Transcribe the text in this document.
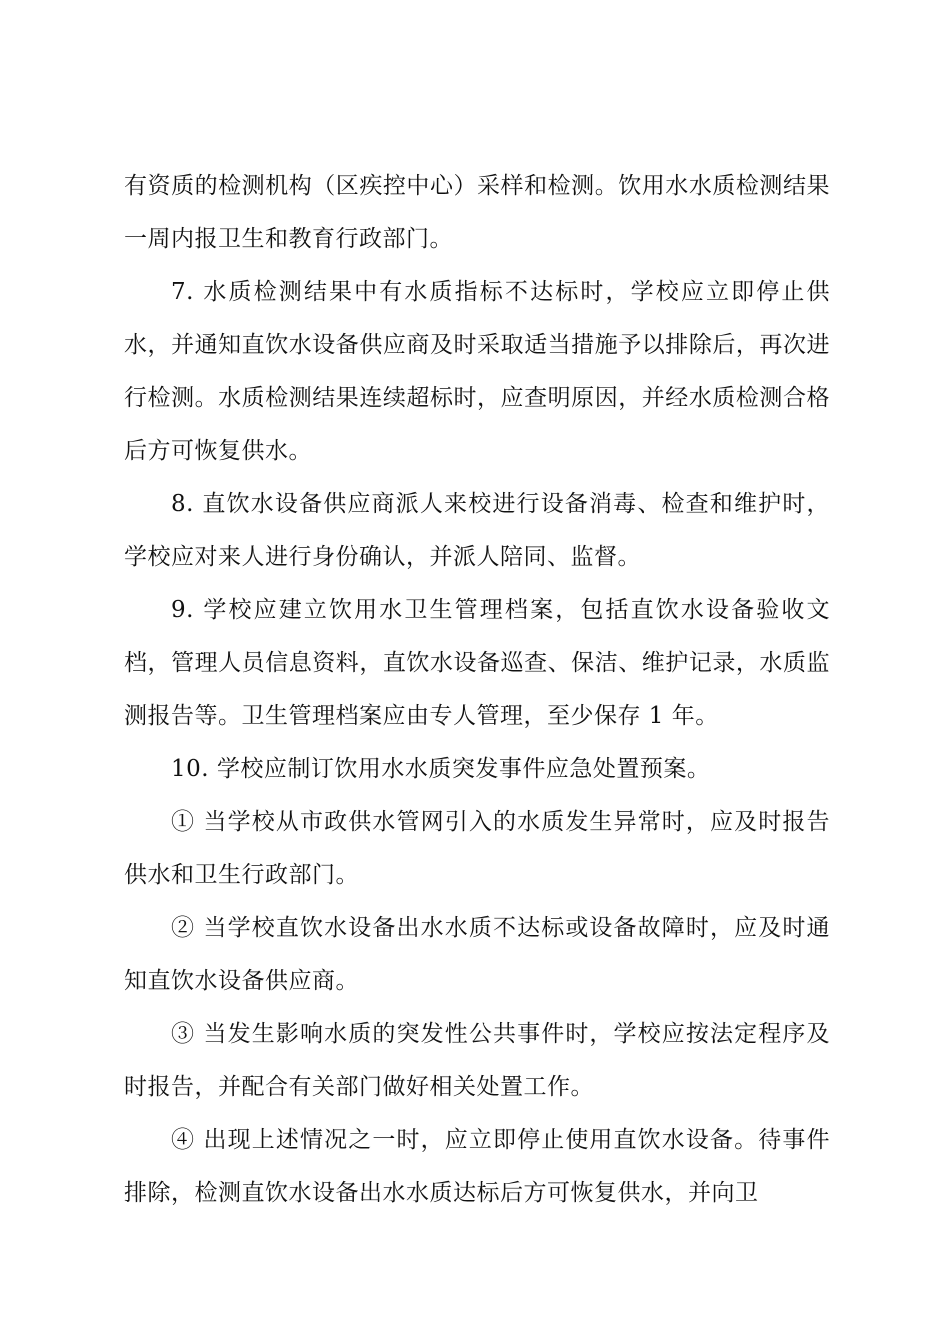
有资质的检测机构（区疾控中心）采样和检测。饮用水水质检测结果一周内报卫生和教育行政部门。

7. 水质检测结果中有水质指标不达标时，学校应立即停止供水，并通知直饮水设备供应商及时采取适当措施予以排除后，再次进行检测。水质检测结果连续超标时，应查明原因，并经水质检测合格后方可恢复供水。

8. 直饮水设备供应商派人来校进行设备消毒、检查和维护时，学校应对来人进行身份确认，并派人陪同、监督。

9. 学校应建立饮用水卫生管理档案，包括直饮水设备验收文档，管理人员信息资料，直饮水设备巡查、保洁、维护记录，水质监测报告等。卫生管理档案应由专人管理，至少保存 1 年。

10. 学校应制订饮用水水质突发事件应急处置预案。

① 当学校从市政供水管网引入的水质发生异常时，应及时报告供水和卫生行政部门。

② 当学校直饮水设备出水水质不达标或设备故障时，应及时通知直饮水设备供应商。

③ 当发生影响水质的突发性公共事件时，学校应按法定程序及时报告，并配合有关部门做好相关处置工作。

④ 出现上述情况之一时，应立即停止使用直饮水设备。待事件排除，检测直饮水设备出水水质达标后方可恢复供水，并向卫
